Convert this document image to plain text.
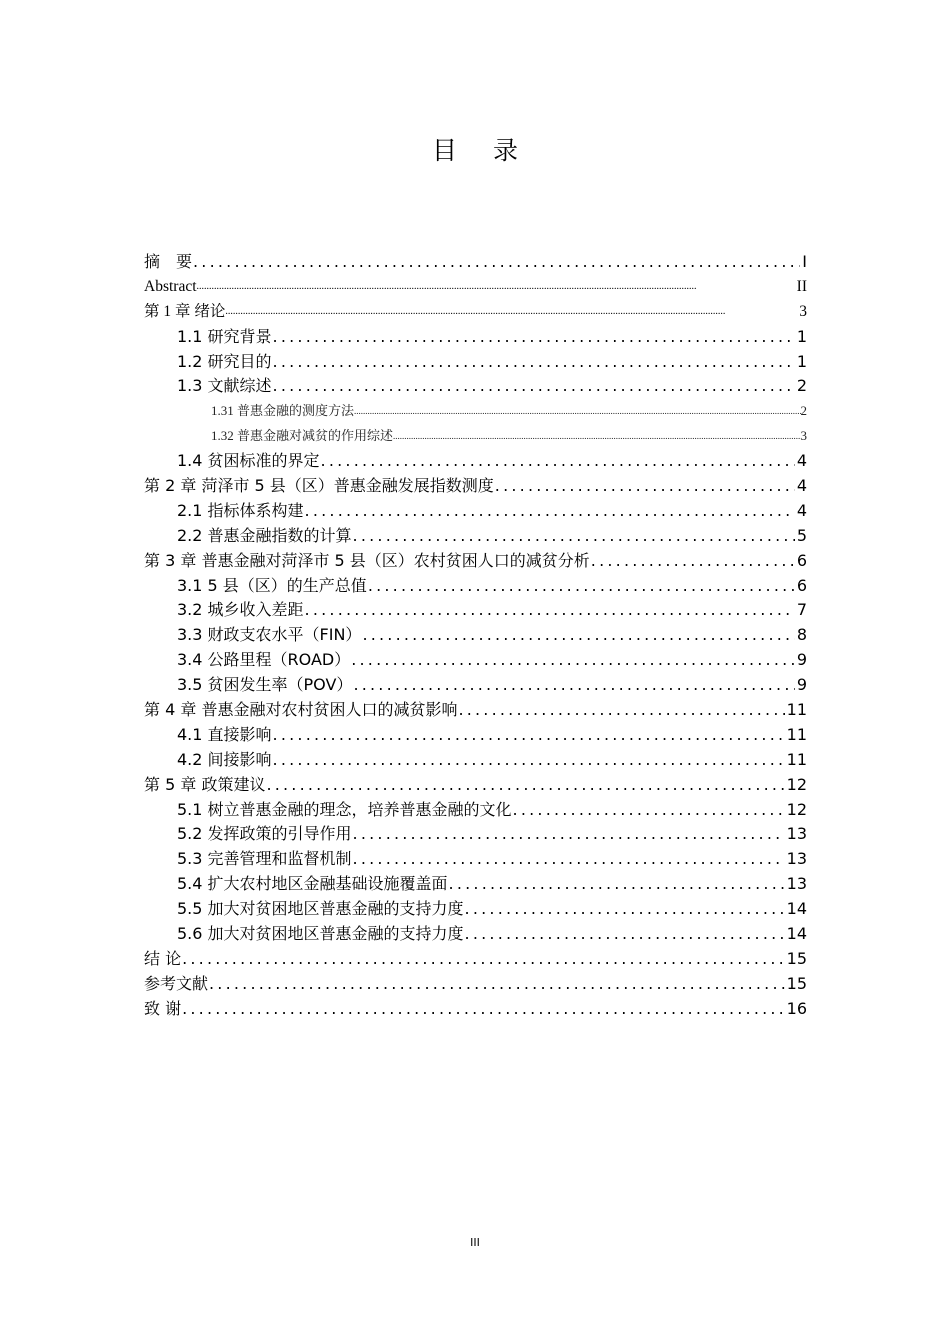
目 录
摘　要 .....	I
Abstract .....	II
第 1 章 绪论 .....	3
1.1 研究背景 .....	1
1.2 研究目的 .....	1
1.3 文献综述 .....	2
1.31 普惠金融的测度方法 .....	2
1.32 普惠金融对减贫的作用综述 .....	3
1.4 贫困标准的界定 .....	4
第 2 章 菏泽市 5 县（区）普惠金融发展指数测度 .....	4
2.1 指标体系构建 .....	4
2.2 普惠金融指数的计算 .....	5
第 3 章 普惠金融对菏泽市 5 县（区）农村贫困人口的减贫分析 .....	6
3.1 5 县（区）的生产总值 .....	6
3.2 城乡收入差距 .....	7
3.3 财政支农水平（FIN） .....	8
3.4 公路里程（ROAD） .....	9
3.5 贫困发生率（POV） .....	9
第 4 章 普惠金融对农村贫困人口的减贫影响 .....	11
4.1 直接影响 .....	11
4.2 间接影响 .....	11
第 5 章 政策建议 .....	12
5.1 树立普惠金融的理念，培养普惠金融的文化 .....	12
5.2 发挥政策的引导作用 .....	13
5.3 完善管理和监督机制 .....	13
5.4 扩大农村地区金融基础设施覆盖面 .....	13
5.5 加大对贫困地区普惠金融的支持力度 .....	14
5.6 加大对贫困地区普惠金融的支持力度 .....	14
结 论 .....	15
参考文献 .....	15
致 谢 .....	16
III
